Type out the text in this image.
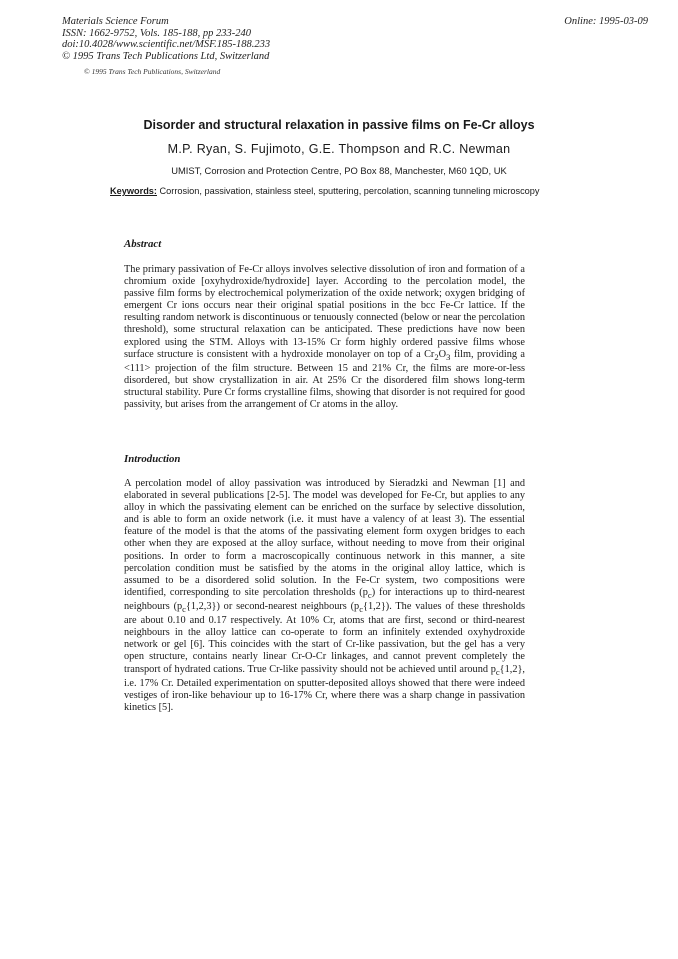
Materials Science Forum
ISSN: 1662-9752, Vols. 185-188, pp 233-240
doi:10.4028/www.scientific.net/MSF.185-188.233
© 1995 Trans Tech Publications Ltd, Switzerland
Online: 1995-03-09
© 1995 Trans Tech Publications, Switzerland
Disorder and structural relaxation in passive films on Fe-Cr alloys
M.P. Ryan, S. Fujimoto, G.E. Thompson and R.C. Newman
UMIST, Corrosion and Protection Centre, PO Box 88, Manchester, M60 1QD, UK
Keywords: Corrosion, passivation, stainless steel, sputtering, percolation, scanning tunneling microscopy
Abstract
The primary passivation of Fe-Cr alloys involves selective dissolution of iron and formation of a chromium oxide [oxyhydroxide/hydroxide] layer. According to the percolation model, the passive film forms by electrochemical polymerization of the oxide network; oxygen bridging of emergent Cr ions occurs near their original spatial positions in the bcc Fe-Cr lattice. If the resulting random network is discontinuous or tenuously connected (below or near the percolation threshold), some structural relaxation can be anticipated. These predictions have now been explored using the STM. Alloys with 13-15% Cr form highly ordered passive films whose surface structure is consistent with a hydroxide monolayer on top of a $Cr_2O_3$ film, providing a <111> projection of the film structure. Between 15 and 21% Cr, the films are more-or-less disordered, but show crystallization in air. At 25% Cr the disordered film shows long-term structural stability. Pure Cr forms crystalline films, showing that disorder is not required for good passivity, but arises from the arrangement of Cr atoms in the alloy.
Introduction
A percolation model of alloy passivation was introduced by Sieradzki and Newman [1] and elaborated in several publications [2-5]. The model was developed for Fe-Cr, but applies to any alloy in which the passivating element can be enriched on the surface by selective dissolution, and is able to form an oxide network (i.e. it must have a valency of at least 3). The essential feature of the model is that the atoms of the passivating element form oxygen bridges to each other when they are exposed at the alloy surface, without needing to move from their original positions. In order to form a macroscopically continuous network in this manner, a site percolation condition must be satisfied by the atoms in the original alloy lattice, which is assumed to be a disordered solid solution. In the Fe-Cr system, two compositions were identified, corresponding to site percolation thresholds $(p_c)$ for interactions up to third-nearest neighbours $(p_c\{1,2,3\})$ or second-nearest neighbours $(p_c\{1,2\})$. The values of these thresholds are about 0.10 and 0.17 respectively. At 10% Cr, atoms that are first, second or third-nearest neighbours in the alloy lattice can co-operate to form an infinitely extended oxyhydroxide network or gel [6]. This coincides with the start of Cr-like passivation, but the gel has a very open structure, contains nearly linear Cr-O-Cr linkages, and cannot prevent completely the transport of hydrated cations. True Cr-like passivity should not be achieved until around $p_c\{1,2\}$, i.e. 17% Cr. Detailed experimentation on sputter-deposited alloys showed that there were indeed vestiges of iron-like behaviour up to 16-17% Cr, where there was a sharp change in passivation kinetics [5].
